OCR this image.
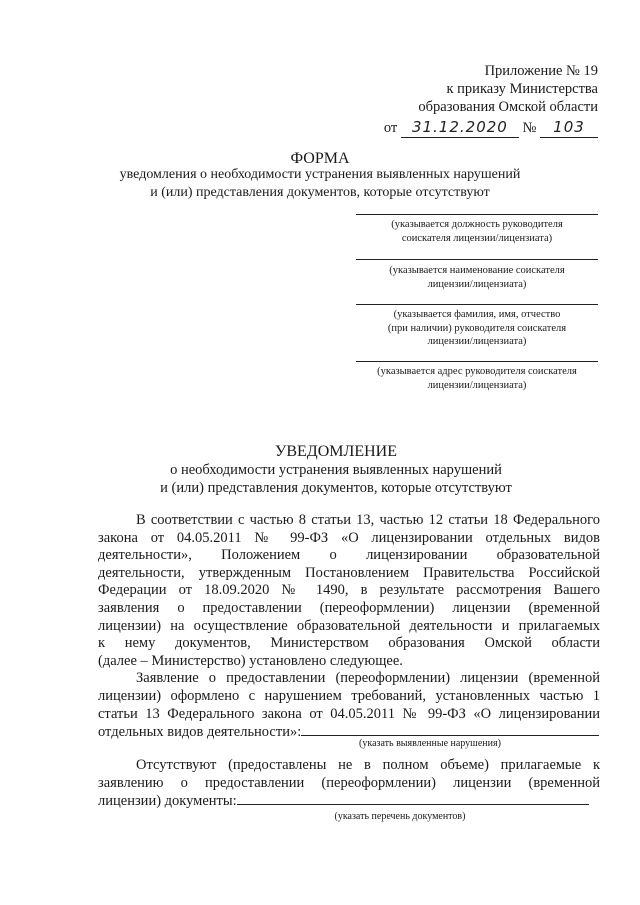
Приложение № 19
к приказу Министерства
образования Омской области
от 31.12.2020 № 103
ФОРМА
уведомления о необходимости устранения выявленных нарушений
и (или) представления документов, которые отсутствуют
(указывается должность руководителя
соискателя лицензии/лицензиата)
(указывается наименование соискателя
лицензии/лицензиата)
(указывается фамилия, имя, отчество
(при наличии) руководителя соискателя
лицензии/лицензиата)
(указывается адрес руководителя соискателя
лицензии/лицензиата)
УВЕДОМЛЕНИЕ
о необходимости устранения выявленных нарушений
и (или) представления документов, которые отсутствуют

В соответствии с частью 8 статьи 13, частью 12 статьи 18 Федерального

закона от 04.05.2011 № 99-ФЗ «О лицензировании отдельных видов

деятельности», Положением о лицензировании образовательной

деятельности, утвержденным Постановлением Правительства Российской

Федерации от 18.09.2020 № 1490, в результате рассмотрения Вашего

заявления о предоставлении (переоформлении) лицензии (временной

лицензии) на осуществление образовательной деятельности и прилагаемых

к нему документов, Министерством образования Омской области

(далее – Министерство) установлено следующее.

Заявление о предоставлении (переоформлении) лицензии (временной

лицензии) оформлено с нарушением требований, установленных частью 1

статьи 13 Федерального закона от 04.05.2011 № 99-ФЗ «О лицензировании

отдельных видов деятельности»:

(указать выявленные нарушения)

Отсутствуют (предоставлены не в полном объеме) прилагаемые к

заявлению о предоставлении (переоформлении) лицензии (временной

лицензии) документы:

(указать перечень документов)
